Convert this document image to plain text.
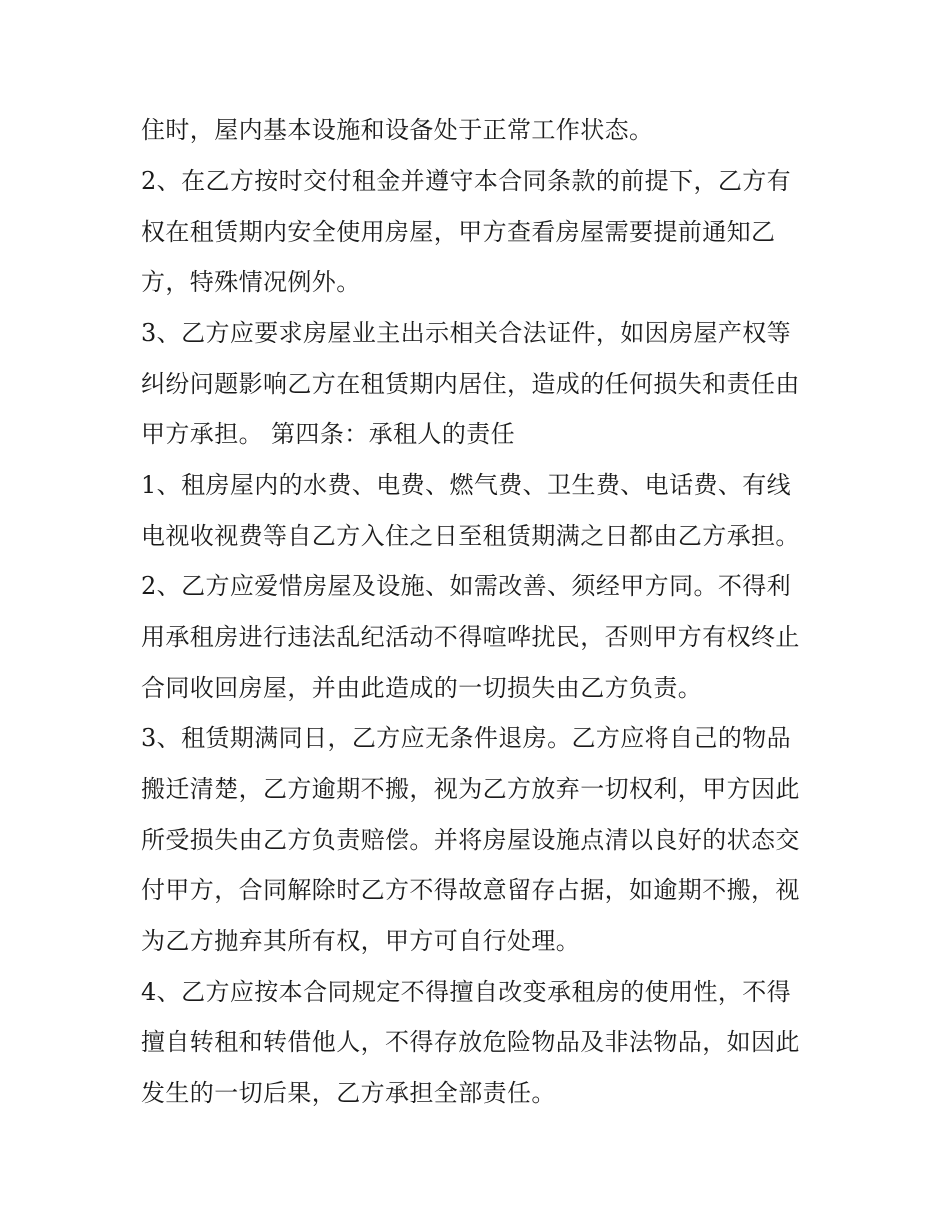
住时，屋内基本设施和设备处于正常工作状态。
2、在乙方按时交付租金并遵守本合同条款的前提下，乙方有
权在租赁期内安全使用房屋，甲方查看房屋需要提前通知乙
方，特殊情况例外。
3、乙方应要求房屋业主出示相关合法证件，如因房屋产权等
纠纷问题影响乙方在租赁期内居住，造成的任何损失和责任由
甲方承担。 第四条：承租人的责任
1、租房屋内的水费、电费、燃气费、卫生费、电话费、有线
电视收视费等自乙方入住之日至租赁期满之日都由乙方承担。
2、乙方应爱惜房屋及设施、如需改善、须经甲方同。不得利
用承租房进行违法乱纪活动不得喧哗扰民，否则甲方有权终止
合同收回房屋，并由此造成的一切损失由乙方负责。
3、租赁期满同日，乙方应无条件退房。乙方应将自己的物品
搬迁清楚，乙方逾期不搬，视为乙方放弃一切权利，甲方因此
所受损失由乙方负责赔偿。并将房屋设施点清以良好的状态交
付甲方，合同解除时乙方不得故意留存占据，如逾期不搬，视
为乙方抛弃其所有权，甲方可自行处理。
4、乙方应按本合同规定不得擅自改变承租房的使用性，不得
擅自转租和转借他人，不得存放危险物品及非法物品，如因此
发生的一切后果，乙方承担全部责任。
